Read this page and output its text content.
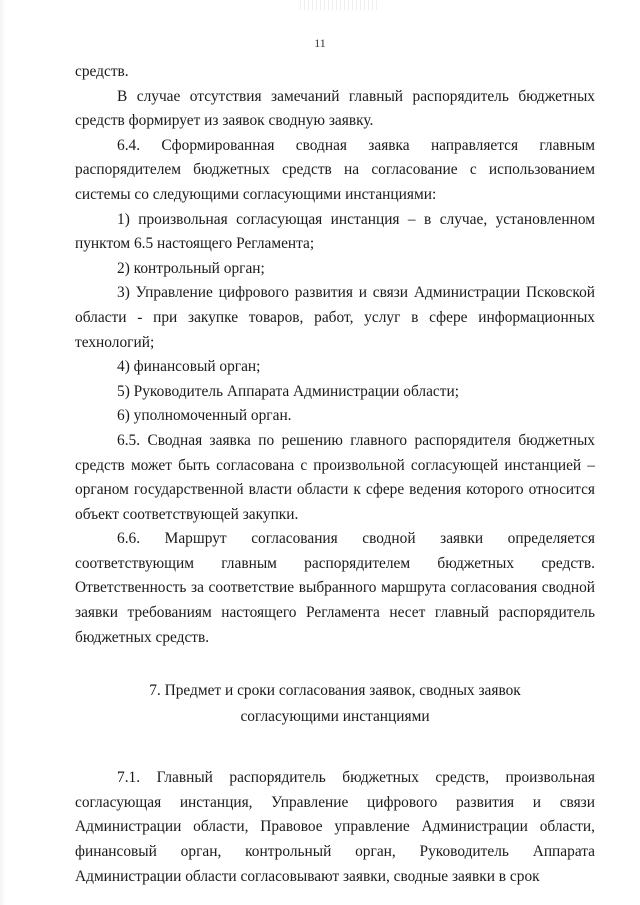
11

средств.

В случае отсутствия замечаний главный распорядитель бюджетных средств формирует из заявок сводную заявку.

6.4. Сформированная сводная заявка направляется главным распорядителем бюджетных средств на согласование с использованием системы со следующими согласующими инстанциями:

1) произвольная согласующая инстанция – в случае, установленном пунктом 6.5 настоящего Регламента;

2) контрольный орган;

3) Управление цифрового развития и связи Администрации Псковской области - при закупке товаров, работ, услуг в сфере информационных технологий;

4) финансовый орган;

5) Руководитель Аппарата Администрации области;

6) уполномоченный орган.

6.5. Сводная заявка по решению главного распорядителя бюджетных средств может быть согласована с произвольной согласующей инстанцией – органом государственной власти области к сфере ведения которого относится объект соответствующей закупки.

6.6. Маршрут согласования сводной заявки определяется соответствующим главным распорядителем бюджетных средств. Ответственность за соответствие выбранного маршрута согласования сводной заявки требованиям настоящего Регламента несет главный распорядитель бюджетных средств.

7. Предмет и сроки согласования заявок, сводных заявок
согласующими инстанциями

7.1. Главный распорядитель бюджетных средств, произвольная согласующая инстанция, Управление цифрового развития и связи Администрации области, Правовое управление Администрации области, финансовый орган, контрольный орган, Руководитель Аппарата Администрации области согласовывают заявки, сводные заявки в срок
